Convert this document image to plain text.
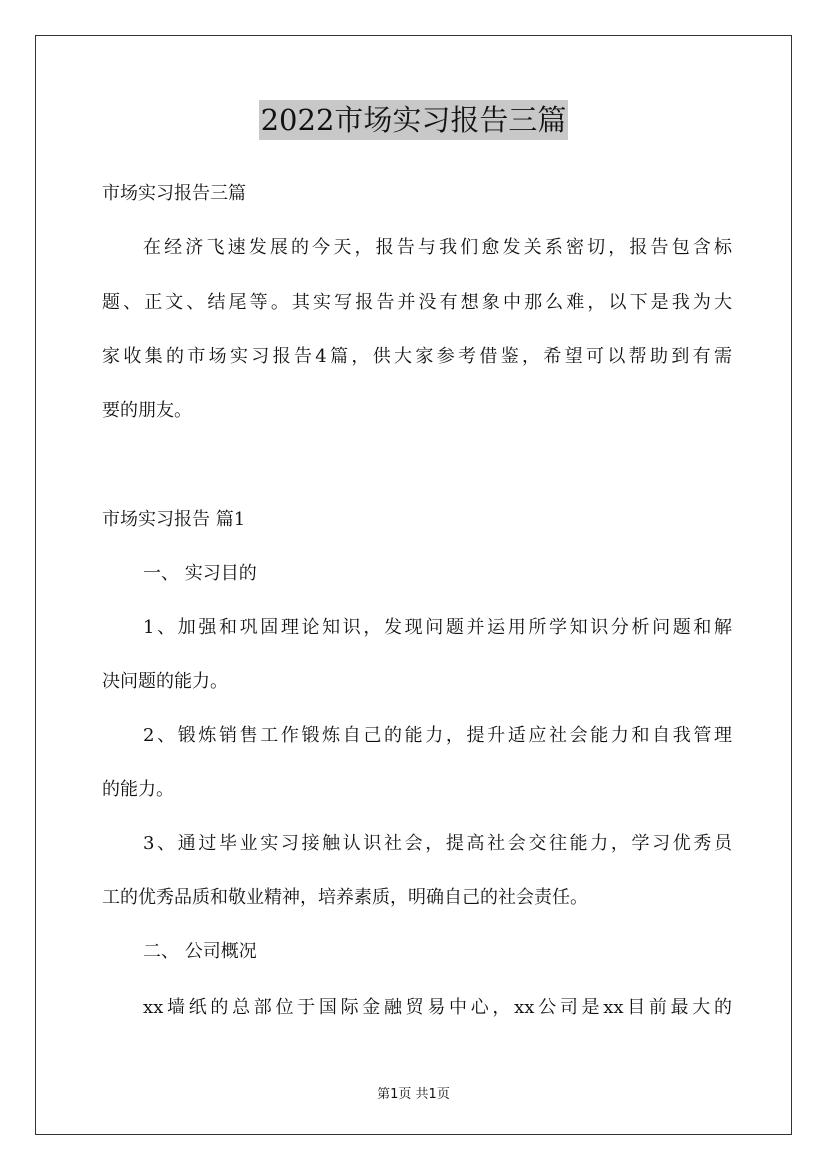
2022市场实习报告三篇
市场实习报告三篇
在经济飞速发展的今天，报告与我们愈发关系密切，报告包含标
题、正文、结尾等。其实写报告并没有想象中那么难，以下是我为大
家收集的市场实习报告4篇，供大家参考借鉴，希望可以帮助到有需
要的朋友。
市场实习报告 篇1
一、 实习目的
1、加强和巩固理论知识，发现问题并运用所学知识分析问题和解
决问题的能力。
2、锻炼销售工作锻炼自己的能力，提升适应社会能力和自我管理
的能力。
3、通过毕业实习接触认识社会，提高社会交往能力，学习优秀员
工的优秀品质和敬业精神，培养素质，明确自己的社会责任。
二、 公司概况
xx墙纸的总部位于国际金融贸易中心，xx公司是xx目前最大的
第1页 共1页
